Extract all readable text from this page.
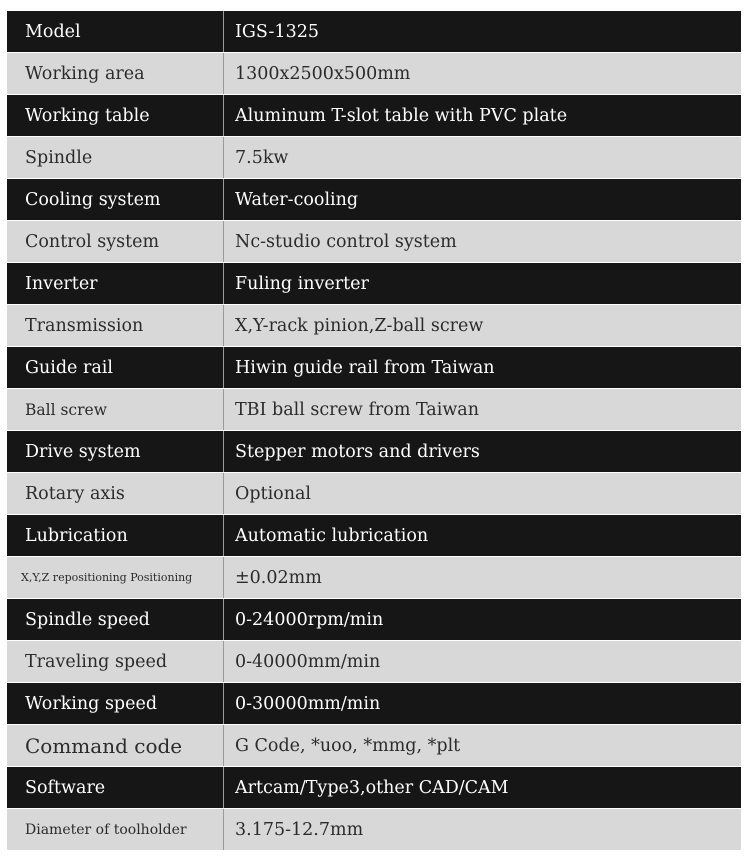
Model	IGS-1325
Working area	1300x2500x500mm
Working table	Aluminum T-slot table with PVC plate
Spindle	7.5kw
Cooling system	Water-cooling
Control system	Nc-studio control system
Inverter	Fuling inverter
Transmission	X,Y-rack pinion,Z-ball screw
Guide rail	Hiwin guide rail from Taiwan
Ball screw	TBI ball screw from Taiwan
Drive system	Stepper motors and drivers
Rotary axis	Optional
Lubrication	Automatic lubrication
X,Y,Z repositioning Positioning	±0.02mm
Spindle speed	0-24000rpm/min
Traveling speed	0-40000mm/min
Working speed	0-30000mm/min
Command code	G Code, *uoo, *mmg, *plt
Software	Artcam/Type3,other CAD/CAM
Diameter of toolholder	3.175-12.7mm
